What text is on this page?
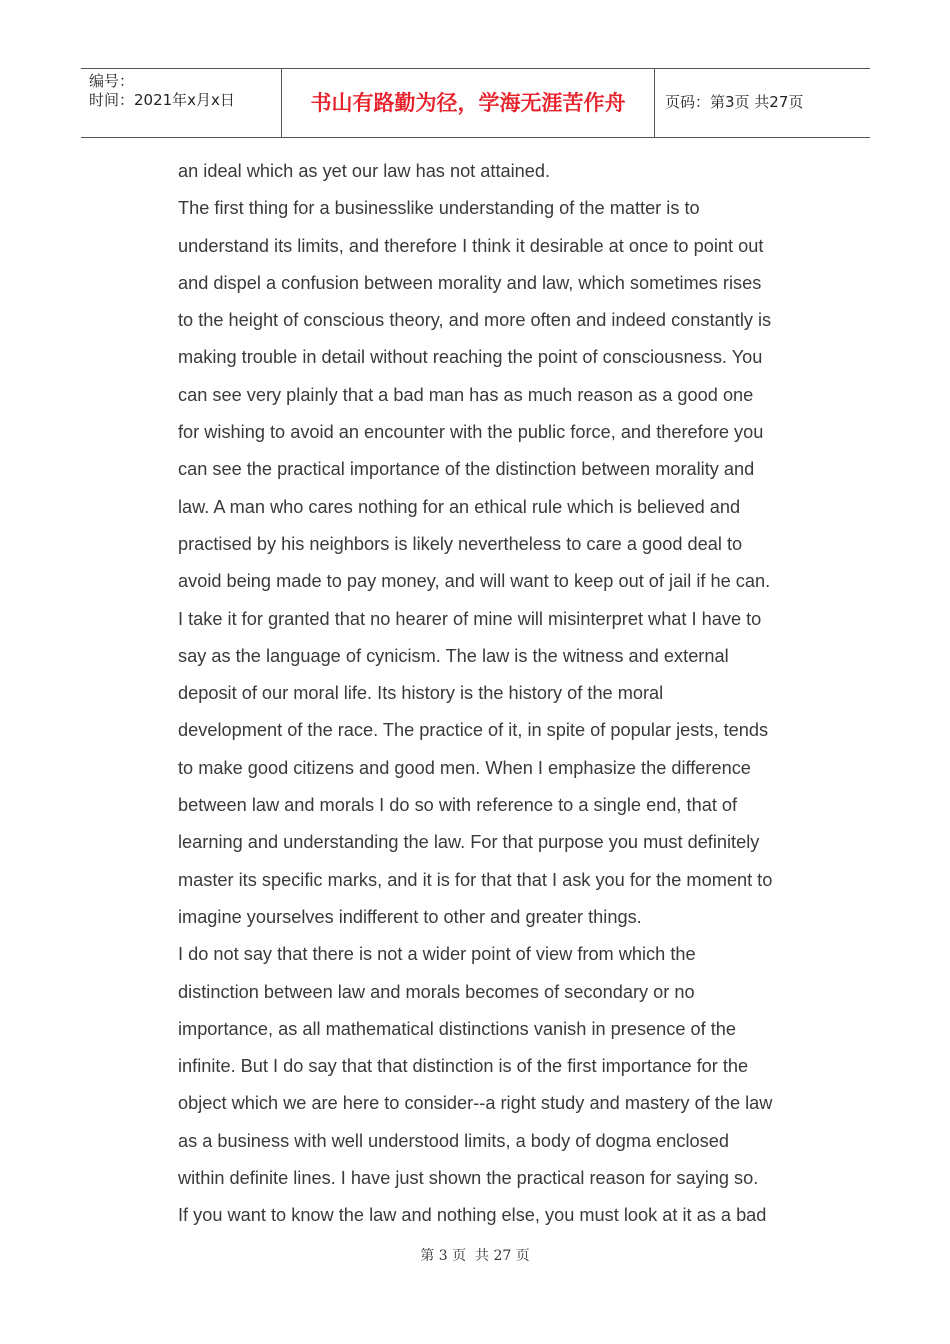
编号：
时间：2021年x月x日	书山有路勤为径，学海无涯苦作舟	页码：第3页 共27页
an ideal which as yet our law has not attained.
The first thing for a businesslike understanding of the matter is to
understand its limits, and therefore I think it desirable at once to point out
and dispel a confusion between morality and law, which sometimes rises
to the height of conscious theory, and more often and indeed constantly is
making trouble in detail without reaching the point of consciousness. You
can see very plainly that a bad man has as much reason as a good one
for wishing to avoid an encounter with the public force, and therefore you
can see the practical importance of the distinction between morality and
law. A man who cares nothing for an ethical rule which is believed and
practised by his neighbors is likely nevertheless to care a good deal to
avoid being made to pay money, and will want to keep out of jail if he can.
I take it for granted that no hearer of mine will misinterpret what I have to
say as the language of cynicism. The law is the witness and external
deposit of our moral life. Its history is the history of the moral
development of the race. The practice of it, in spite of popular jests, tends
to make good citizens and good men. When I emphasize the difference
between law and morals I do so with reference to a single end, that of
learning and understanding the law. For that purpose you must definitely
master its specific marks, and it is for that that I ask you for the moment to
imagine yourselves indifferent to other and greater things.
I do not say that there is not a wider point of view from which the
distinction between law and morals becomes of secondary or no
importance, as all mathematical distinctions vanish in presence of the
infinite. But I do say that that distinction is of the first importance for the
object which we are here to consider--a right study and mastery of the law
as a business with well understood limits, a body of dogma enclosed
within definite lines. I have just shown the practical reason for saying so.
If you want to know the law and nothing else, you must look at it as a bad
第 3 页  共 27 页
